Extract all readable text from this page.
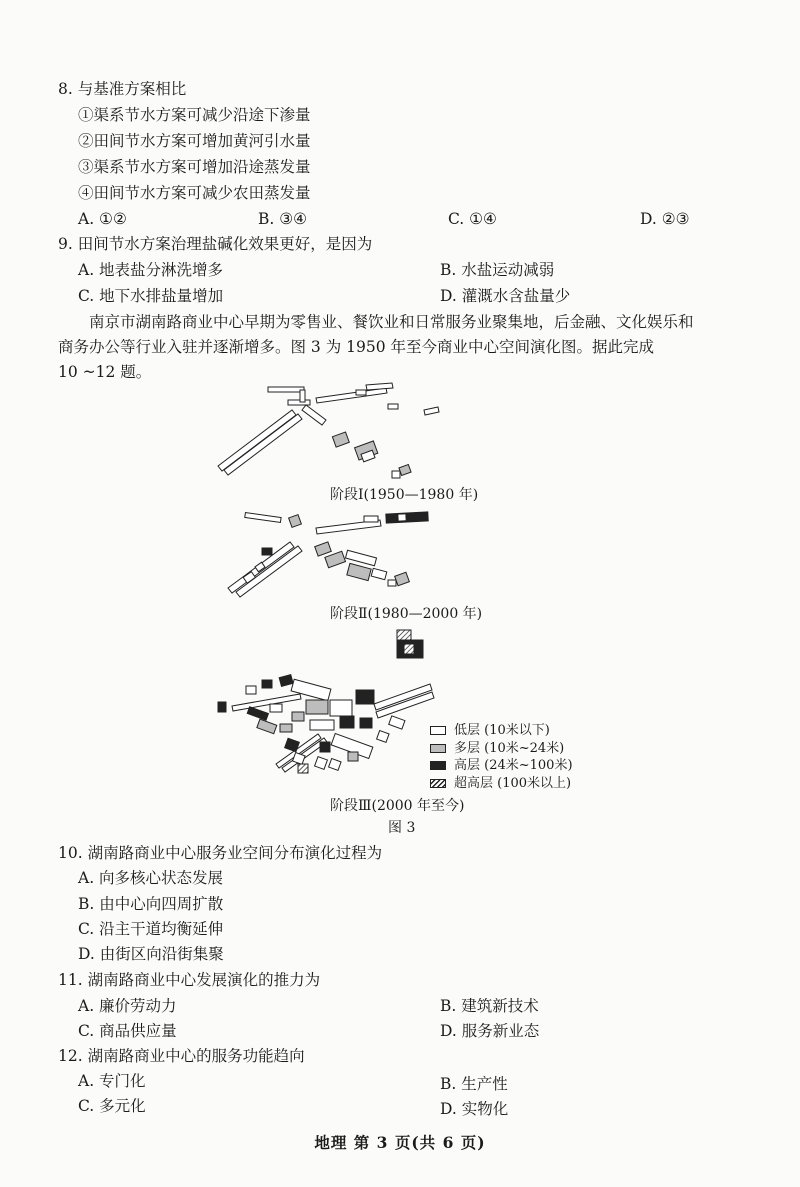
8. 与基准方案相比
①渠系节水方案可减少沿途下渗量
②田间节水方案可增加黄河引水量
③渠系节水方案可增加沿途蒸发量
④田间节水方案可减少农田蒸发量
A. ①②	B. ③④	C. ①④	D. ②③
9. 田间节水方案治理盐碱化效果更好，是因为
A. 地表盐分淋洗增多	B. 水盐运动减弱
C. 地下水排盐量增加	D. 灌溉水含盐量少
南京市湖南路商业中心早期为零售业、餐饮业和日常服务业聚集地，后金融、文化娱乐和
商务办公等行业入驻并逐渐增多。图 3 为 1950 年至今商业中心空间演化图。据此完成
10 ~12 题。
阶段Ⅰ(1950—1980 年)
阶段Ⅱ(1980—2000 年)
阶段Ⅲ(2000 年至今)
图 3
低层 (10米以下)
多层 (10米~24米)
高层 (24米~100米)
超高层 (100米以上)
10. 湖南路商业中心服务业空间分布演化过程为
A. 向多核心状态发展
B. 由中心向四周扩散
C. 沿主干道均衡延伸
D. 由街区向沿街集聚
11. 湖南路商业中心发展演化的推力为
A. 廉价劳动力	B. 建筑新技术
C. 商品供应量	D. 服务新业态
12. 湖南路商业中心的服务功能趋向
A. 专门化	B. 生产性
C. 多元化	D. 实物化
地理 第 3 页(共 6 页)
